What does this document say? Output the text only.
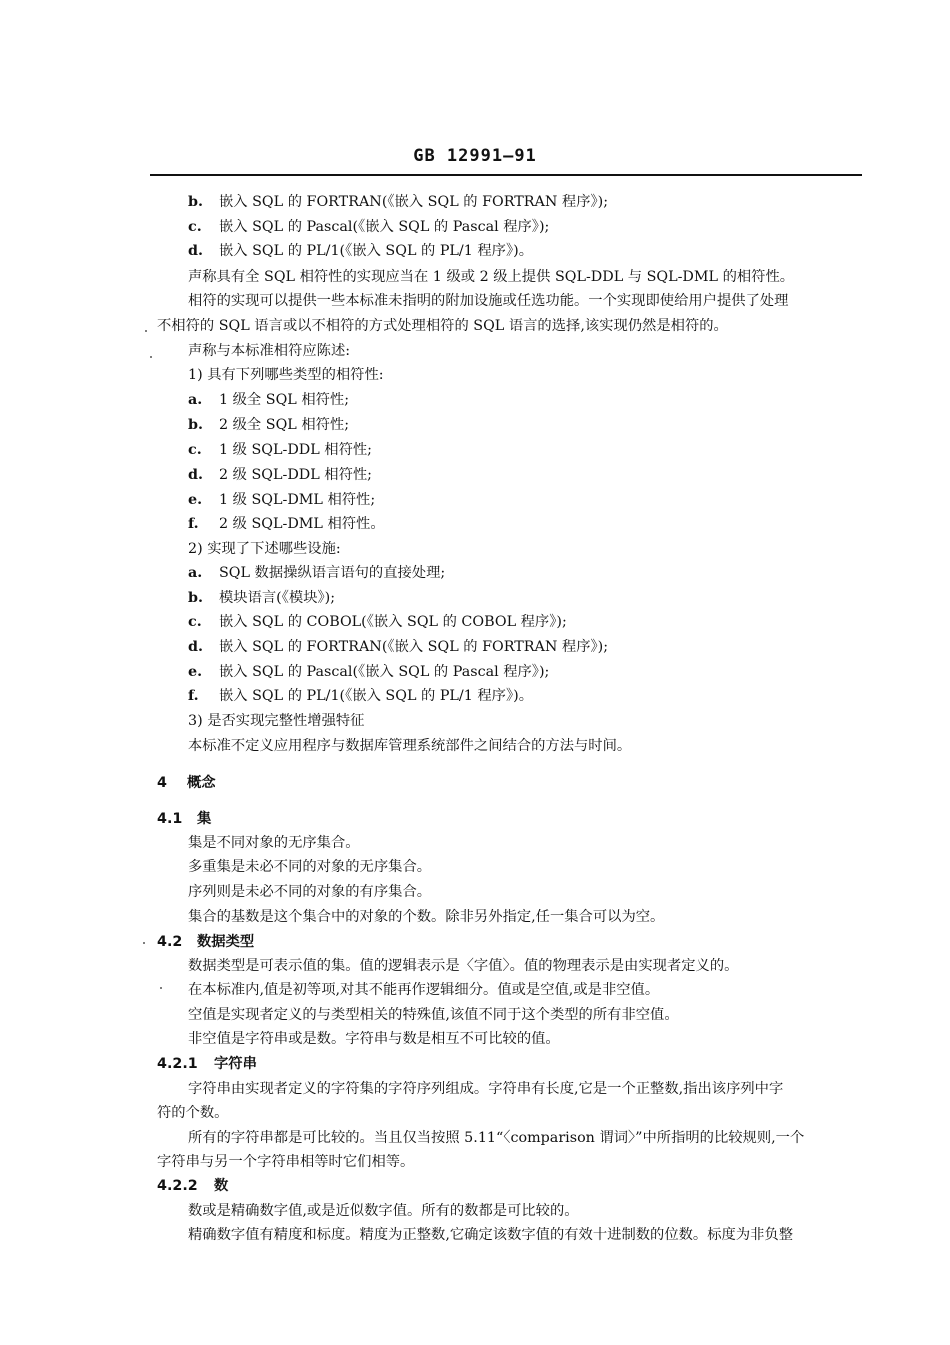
GB 12991—91
b. 嵌入 SQL 的 FORTRAN(《嵌入 SQL 的 FORTRAN 程序》);
c. 嵌入 SQL 的 Pascal(《嵌入 SQL 的 Pascal 程序》);
d. 嵌入 SQL 的 PL/1(《嵌入 SQL 的 PL/1 程序》)。
声称具有全 SQL 相符性的实现应当在 1 级或 2 级上提供 SQL-DDL 与 SQL-DML 的相符性。
相符的实现可以提供一些本标准未指明的附加设施或任选功能。一个实现即使给用户提供了处理
不相符的 SQL 语言或以不相符的方式处理相符的 SQL 语言的选择,该实现仍然是相符的。
声称与本标准相符应陈述:
1) 具有下列哪些类型的相符性:
a. 1 级全 SQL 相符性;
b. 2 级全 SQL 相符性;
c. 1 级 SQL-DDL 相符性;
d. 2 级 SQL-DDL 相符性;
e. 1 级 SQL-DML 相符性;
f. 2 级 SQL-DML 相符性。
2) 实现了下述哪些设施:
a. SQL 数据操纵语言语句的直接处理;
b. 模块语言(《模块》);
c. 嵌入 SQL 的 COBOL(《嵌入 SQL 的 COBOL 程序》);
d. 嵌入 SQL 的 FORTRAN(《嵌入 SQL 的 FORTRAN 程序》);
e. 嵌入 SQL 的 Pascal(《嵌入 SQL 的 Pascal 程序》);
f. 嵌入 SQL 的 PL/1(《嵌入 SQL 的 PL/1 程序》)。
3) 是否实现完整性增强特征
本标准不定义应用程序与数据库管理系统部件之间结合的方法与时间。
4 概念
4.1 集
集是不同对象的无序集合。
多重集是未必不同的对象的无序集合。
序列则是未必不同的对象的有序集合。
集合的基数是这个集合中的对象的个数。除非另外指定,任一集合可以为空。
4.2 数据类型
数据类型是可表示值的集。值的逻辑表示是〈字值〉。值的物理表示是由实现者定义的。
在本标准内,值是初等项,对其不能再作逻辑细分。值或是空值,或是非空值。
空值是实现者定义的与类型相关的特殊值,该值不同于这个类型的所有非空值。
非空值是字符串或是数。字符串与数是相互不可比较的值。
4.2.1 字符串
字符串由实现者定义的字符集的字符序列组成。字符串有长度,它是一个正整数,指出该序列中字
符的个数。
所有的字符串都是可比较的。当且仅当按照 5.11“〈comparison 谓词〉”中所指明的比较规则,一个
字符串与另一个字符串相等时它们相等。
4.2.2 数
数或是精确数字值,或是近似数字值。所有的数都是可比较的。
精确数字值有精度和标度。精度为正整数,它确定该数字值的有效十进制数的位数。标度为非负整
